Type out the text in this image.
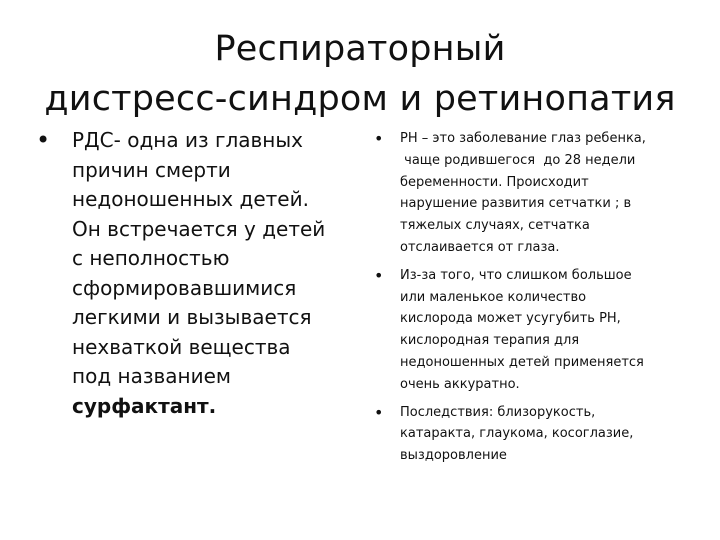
Респираторный
дистресс-синдром и ретинопатия
• РДС- одна из главных
причин смерти
недоношенных детей.
Он встречается у детей
с неполностью
сформировавшимися
легкими и вызывается
нехваткой вещества
под названием
сурфактант.
• РН – это заболевание глаз ребенка,
чаще родившегося  до 28 недели
беременности. Происходит
нарушение развития сетчатки ; в
тяжелых случаях, сетчатка
отслаивается от глаза.
• Из-за того, что слишком большое
или маленькое количество
кислорода может усугубить РН,
кислородная терапия для
недоношенных детей применяется
очень аккуратно.
• Последствия: близорукость,
катаракта, глаукома, косоглазие,
выздоровление
